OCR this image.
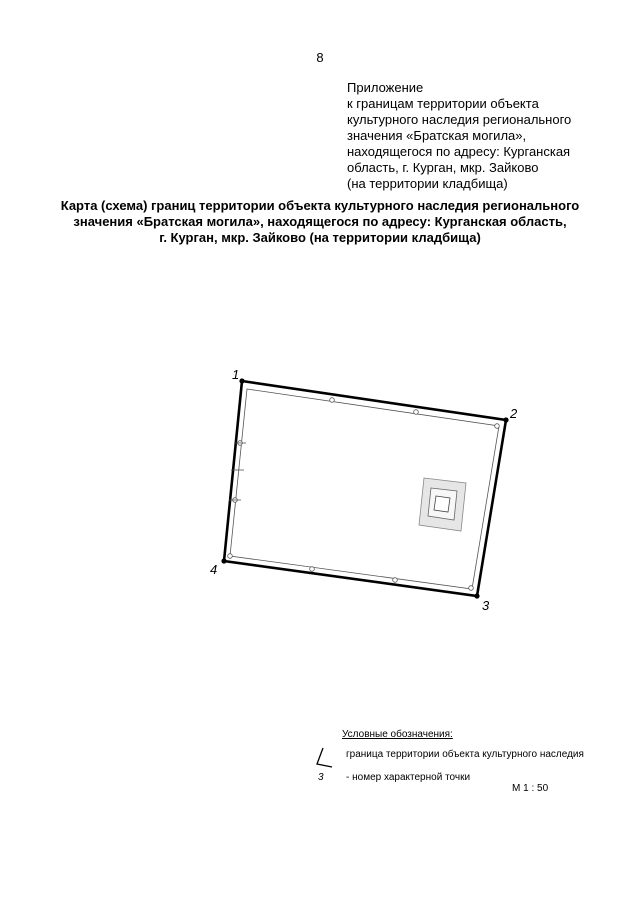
8
Приложение
к границам территории объекта
культурного наследия регионального
значения «Братская могила»,
находящегося по адресу: Курганская
область, г. Курган, мкр. Зайково
(на территории кладбища)
Карта (схема) границ территории объекта культурного наследия регионального
значения «Братская могила», находящегося по адресу: Курганская область,
г. Курган, мкр. Зайково (на территории кладбища)
1
2
3
4
Условные обозначения:
граница территории объекта культурного наследия
3 - номер характерной точки
М 1 : 50
